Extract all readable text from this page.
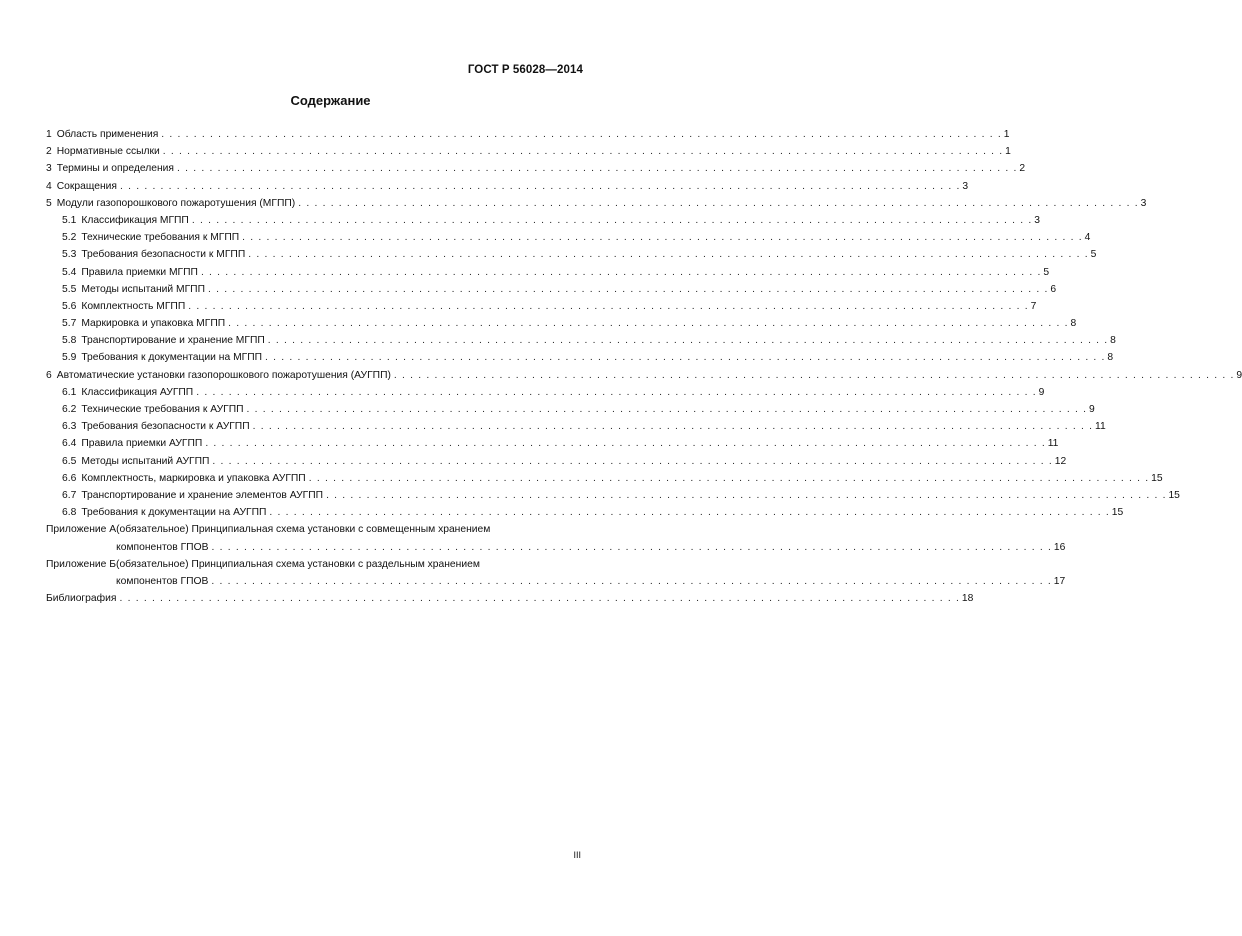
ГОСТ Р 56028—2014
Содержание
1 Область применения . . .	1
2 Нормативные ссылки . . .	1
3 Термины и определения . . .	2
4 Сокращения . . .	3
5 Модули газопорошкового пожаротушения (МГПП) . . .	3
5.1 Классификация МГПП . . .	3
5.2 Технические требования к МГПП . . .	4
5.3 Требования безопасности к МГПП . . .	5
5.4 Правила приемки МГПП . . .	5
5.5 Методы испытаний МГПП . . .	6
5.6 Комплектность МГПП . . .	7
5.7 Маркировка и упаковка МГПП . . .	8
5.8 Транспортирование и хранение МГПП . . .	8
5.9 Требования к документации на МГПП . . .	8
6 Автоматические установки газопорошкового пожаротушения (АУГПП) . . .	9
6.1 Классификация АУГПП . . .	9
6.2 Технические требования к АУГПП . . .	9
6.3 Требования безопасности к АУГПП . . .	11
6.4 Правила приемки АУГПП . . .	11
6.5 Методы испытаний АУГПП . . .	12
6.6 Комплектность, маркировка и упаковка АУГПП . . .	15
6.7 Транспортирование и хранение элементов АУГПП . . .	15
6.8 Требования к документации на АУГПП . . .	15
Приложение А (обязательное) Принципиальная схема установки с совмещенным хранением
компонентов ГПОВ . . .	16
Приложение Б (обязательное) Принципиальная схема установки с раздельным хранением
компонентов ГПОВ . . .	17
Библиография . . .	18
III
